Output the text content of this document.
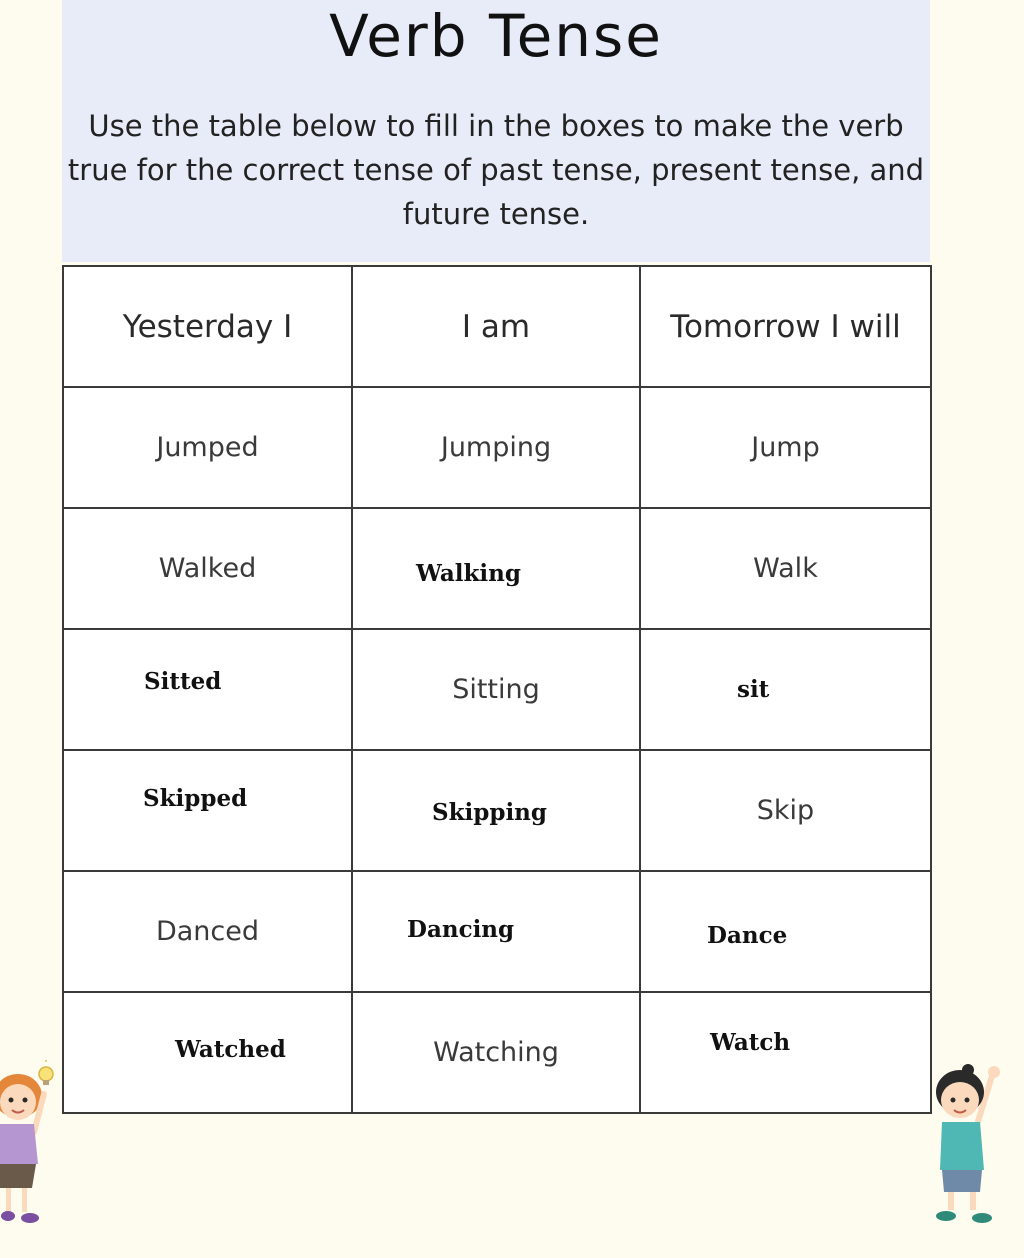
Verb Tense
Use the table below to fill in the boxes to make the verb true for the correct tense of past tense, present tense, and future tense.
Yesterday I	I am	Tomorrow I will

Jumped	Jumping	Jump

Walked	Walking	Walk

Sitted	Sitting	sit

Skipped	Skipping	Skip

Danced	Dancing	Dance

Watched	Watching	Watch
